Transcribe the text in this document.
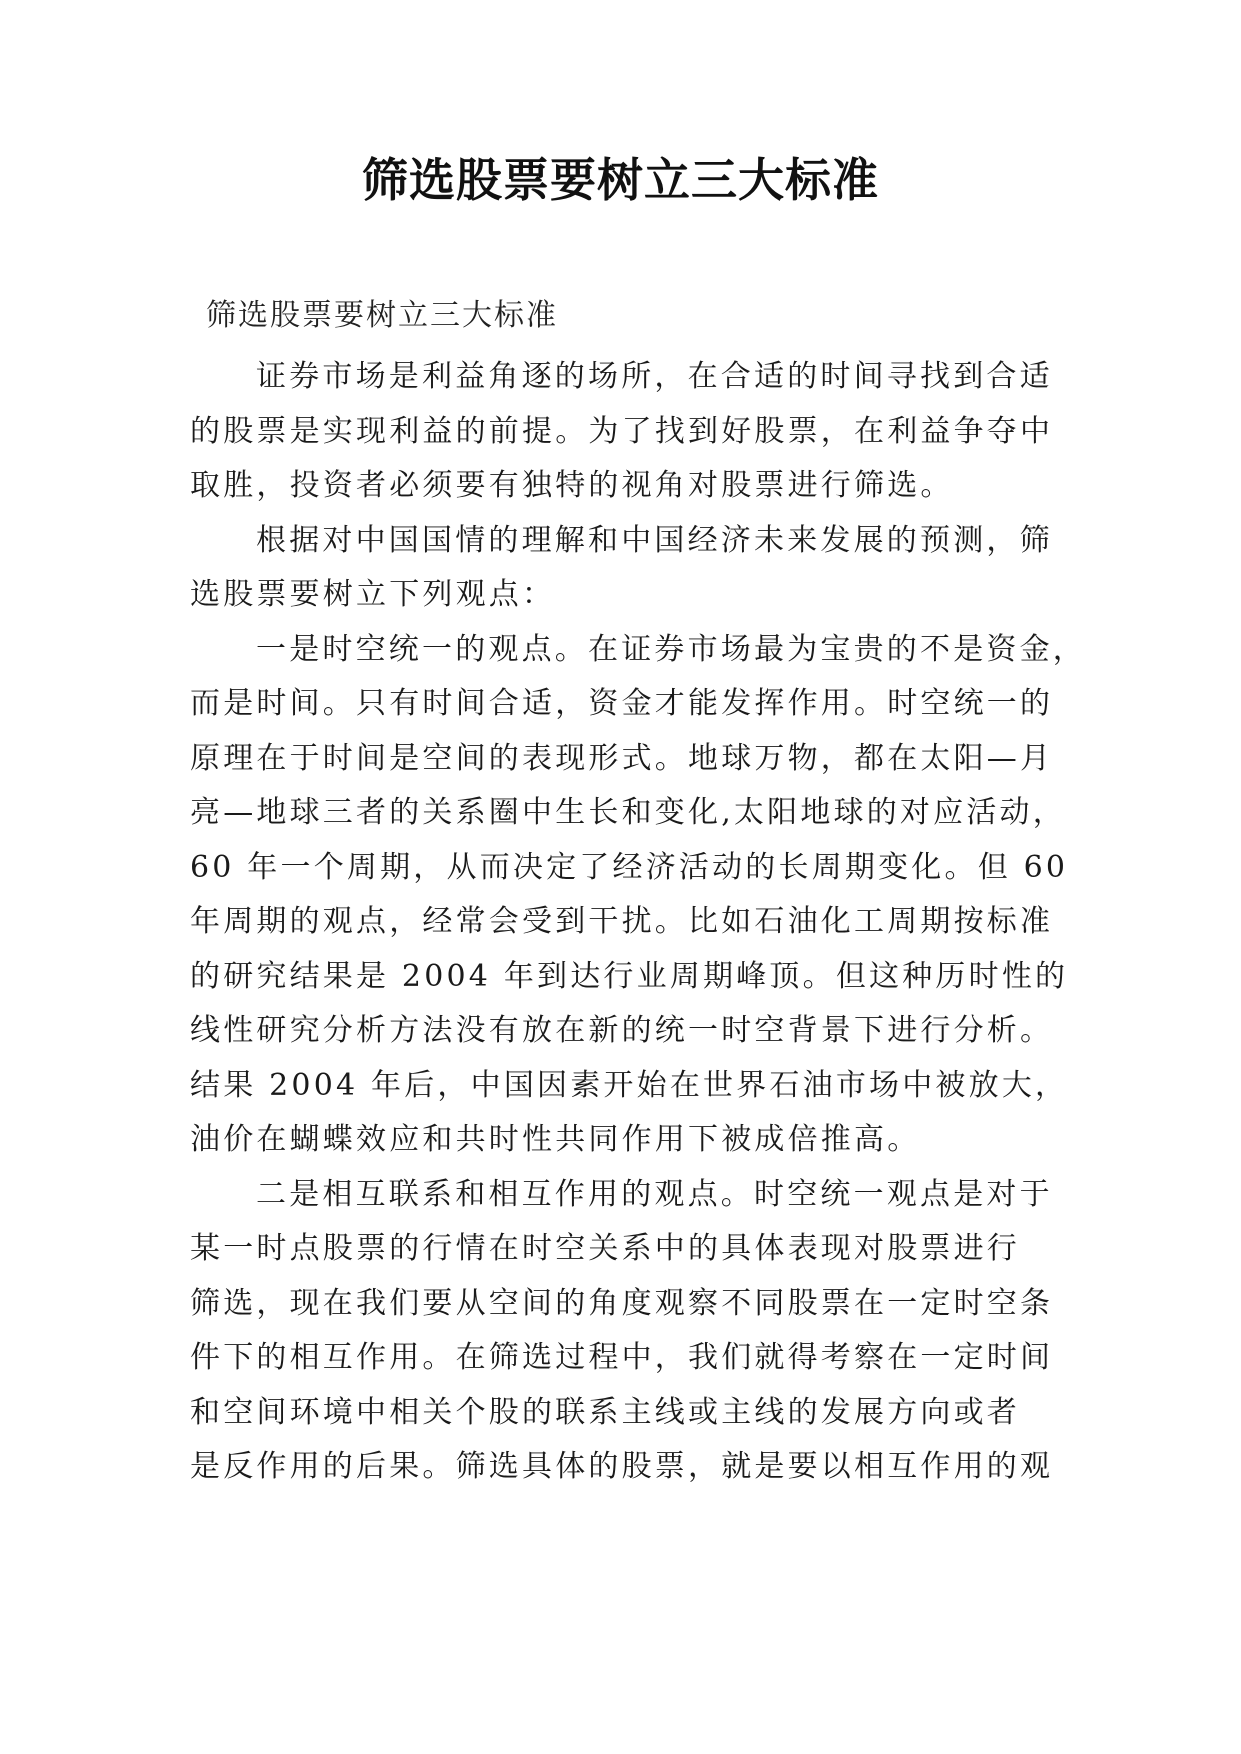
筛选股票要树立三大标准
筛选股票要树立三大标准
证券市场是利益角逐的场所，在合适的时间寻找到合适
的股票是实现利益的前提。为了找到好股票，在利益争夺中
取胜，投资者必须要有独特的视角对股票进行筛选。
根据对中国国情的理解和中国经济未来发展的预测，筛
选股票要树立下列观点：
一是时空统一的观点。在证券市场最为宝贵的不是资金，
而是时间。只有时间合适，资金才能发挥作用。时空统一的
原理在于时间是空间的表现形式。地球万物，都在太阳—月
亮—地球三者的关系圈中生长和变化,太阳地球的对应活动，
60 年一个周期，从而决定了经济活动的长周期变化。但 60
年周期的观点，经常会受到干扰。比如石油化工周期按标准
的研究结果是 2004 年到达行业周期峰顶。但这种历时性的
线性研究分析方法没有放在新的统一时空背景下进行分析。
结果 2004 年后，中国因素开始在世界石油市场中被放大，
油价在蝴蝶效应和共时性共同作用下被成倍推高。
二是相互联系和相互作用的观点。时空统一观点是对于
某一时点股票的行情在时空关系中的具体表现对股票进行
筛选，现在我们要从空间的角度观察不同股票在一定时空条
件下的相互作用。在筛选过程中，我们就得考察在一定时间
和空间环境中相关个股的联系主线或主线的发展方向或者
是反作用的后果。筛选具体的股票，就是要以相互作用的观
